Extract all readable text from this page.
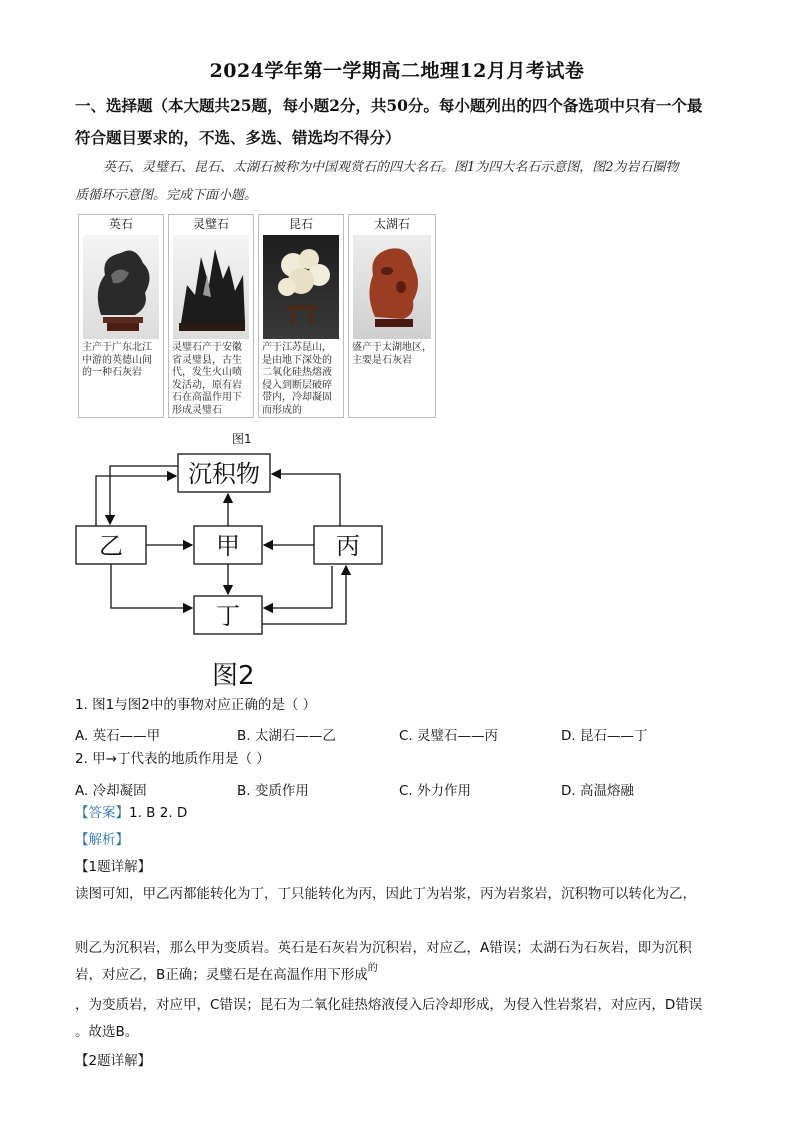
2024学年第一学期高二地理12月月考试卷
一、选择题（本大题共25题，每小题2分，共50分。每小题列出的四个备选项中只有一个最
符合题目要求的，不选、多选、错选均不得分）
英石、灵璧石、昆石、太湖石被称为中国观赏石的四大名石。图1为四大名石示意图，图2为岩石圈物
质循环示意图。完成下面小题。
英石
主产于广东北江中游的英德山间的一种石灰岩
灵璧石
灵璧石产于安徽省灵璧县，古生代，发生火山喷发活动，原有岩石在高温作用下形成灵璧石
昆石
产于江苏昆山，是由地下深处的二氧化硅热熔液侵入到断层破碎带内，冷却凝固而形成的
太湖石
盛产于太湖地区，主要是石灰岩
图1
沉积物
乙	甲	丙
丁
图2
1. 图1与图2中的事物对应正确的是（ ）
A. 英石——甲	B. 太湖石——乙	C. 灵璧石——丙	D. 昆石——丁
2. 甲→丁代表的地质作用是（ ）
A. 冷却凝固	B. 变质作用	C. 外力作用	D. 高温熔融
【答案】1. B 2. D
【解析】
【1题详解】
读图可知，甲乙丙都能转化为丁，丁只能转化为丙，因此丁为岩浆，丙为岩浆岩，沉积物可以转化为乙，
则乙为沉积岩，那么甲为变质岩。英石是石灰岩为沉积岩，对应乙，A错误；太湖石为石灰岩，即为沉积
岩，对应乙，B正确；灵璧石是在高温作用下形成$^的$
，为变质岩，对应甲，C错误；昆石为二氧化硅热熔液侵入后冷却形成，为侵入性岩浆岩，对应丙，D错误
。故选B。
【2题详解】
